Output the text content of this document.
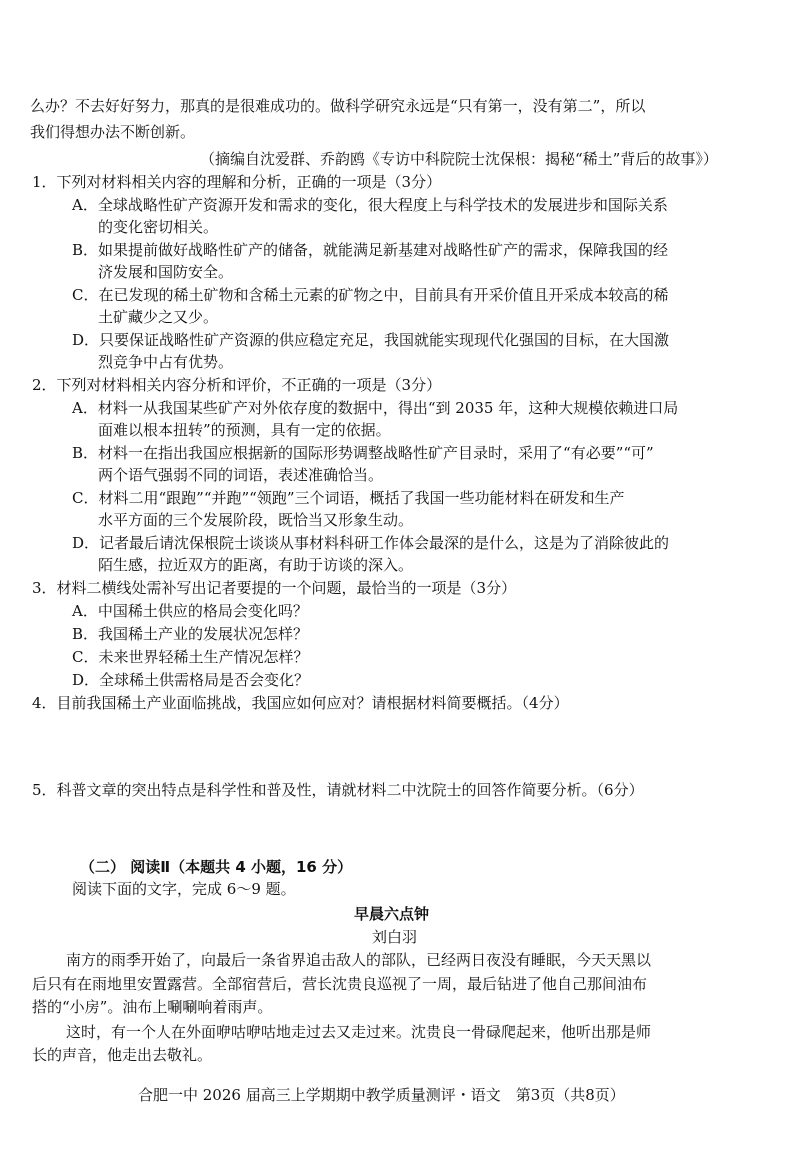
么办？不去好好努力，那真的是很难成功的。做科学研究永远是“只有第一，没有第二”，所以
我们得想办法不断创新。
（摘编自沈爱群、乔韵鸥《专访中科院院士沈保根：揭秘“稀土”背后的故事》）
1．下列对材料相关内容的理解和分析，正确的一项是（3分）
A．全球战略性矿产资源开发和需求的变化，很大程度上与科学技术的发展进步和国际关系
的变化密切相关。
B．如果提前做好战略性矿产的储备，就能满足新基建对战略性矿产的需求，保障我国的经
济发展和国防安全。
C．在已发现的稀土矿物和含稀土元素的矿物之中，目前具有开采价值且开采成本较高的稀
土矿藏少之又少。
D．只要保证战略性矿产资源的供应稳定充足，我国就能实现现代化强国的目标，在大国激
烈竞争中占有优势。
2．下列对材料相关内容分析和评价，不正确的一项是（3分）
A．材料一从我国某些矿产对外依存度的数据中，得出“到 2035 年，这种大规模依赖进口局
面难以根本扭转”的预测，具有一定的依据。
B．材料一在指出我国应根据新的国际形势调整战略性矿产目录时，采用了“有必要”“可”
两个语气强弱不同的词语，表述准确恰当。
C．材料二用“跟跑”“并跑”“领跑”三个词语，概括了我国一些功能材料在研发和生产
水平方面的三个发展阶段，既恰当又形象生动。
D．记者最后请沈保根院士谈谈从事材料科研工作体会最深的是什么，这是为了消除彼此的
陌生感，拉近双方的距离，有助于访谈的深入。
3．材料二横线处需补写出记者要提的一个问题，最恰当的一项是（3分）
A．中国稀土供应的格局会变化吗？
B．我国稀土产业的发展状况怎样？
C．未来世界轻稀土生产情况怎样？
D．全球稀土供需格局是否会变化？
4．目前我国稀土产业面临挑战，我国应如何应对？请根据材料简要概括。（4分）
5．科普文章的突出特点是科学性和普及性，请就材料二中沈院士的回答作简要分析。（6分）
（二） 阅读Ⅱ（本题共 4 小题，16 分）
阅读下面的文字，完成 6～9 题。
早晨六点钟
刘白羽
南方的雨季开始了，向最后一条省界追击敌人的部队，已经两日夜没有睡眠，今天天黑以
后只有在雨地里安置露营。全部宿营后，营长沈贵良巡视了一周，最后钻进了他自己那间油布
搭的“小房”。油布上唰唰响着雨声。
这时，有一个人在外面咿咕咿咕地走过去又走过来。沈贵良一骨碌爬起来，他听出那是师
长的声音，他走出去敬礼。
合肥一中 2026 届高三上学期期中教学质量测评・语文　第3页（共8页）
